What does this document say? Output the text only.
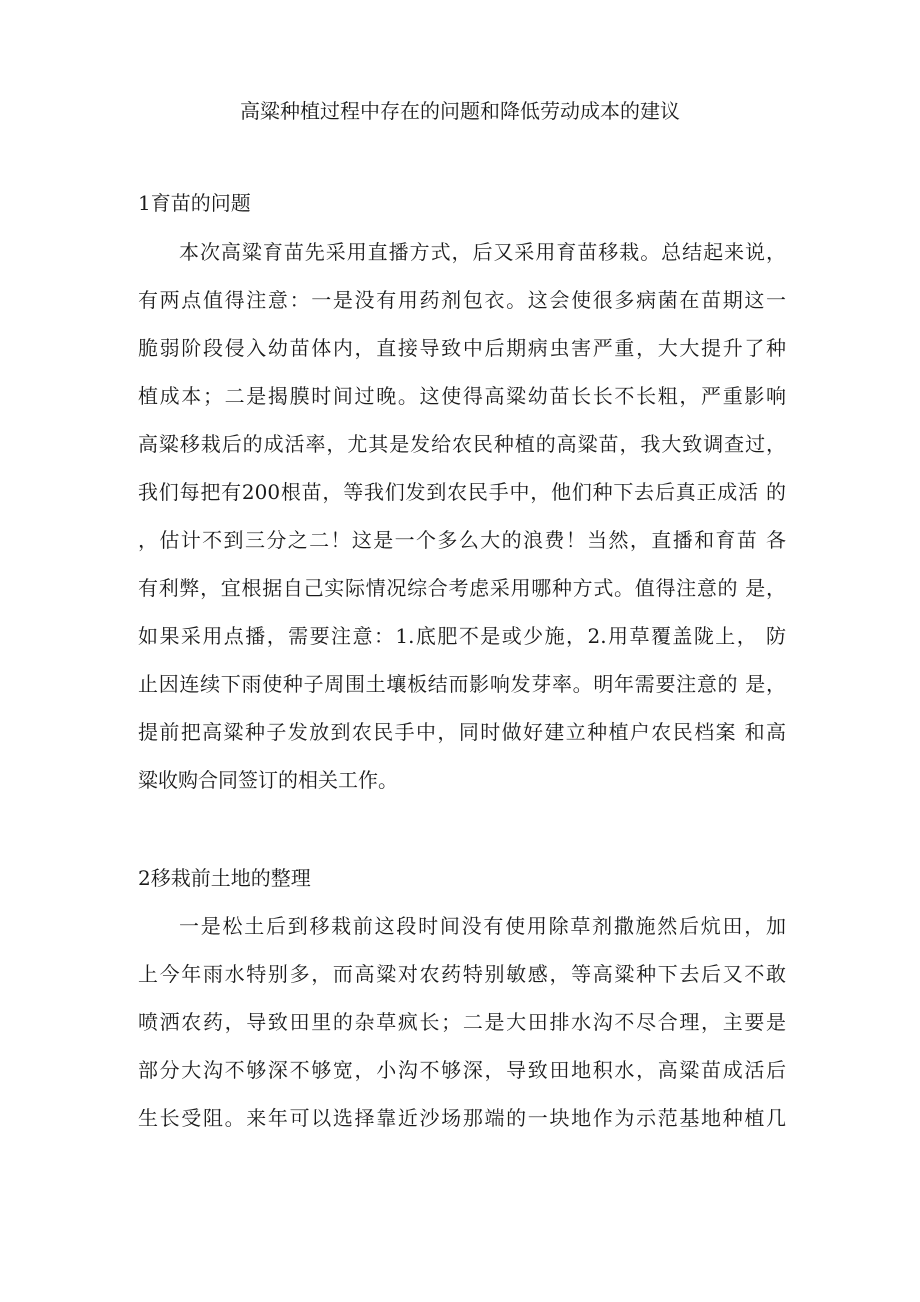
高粱种植过程中存在的问题和降低劳动成本的建议
1育苗的问题
本次高粱育苗先采用直播方式，后又采用育苗移栽。总结起来说，
有两点值得注意：一是没有用药剂包衣。这会使很多病菌在苗期这一
脆弱阶段侵入幼苗体内，直接导致中后期病虫害严重，大大提升了种
植成本；二是揭膜时间过晚。这使得高粱幼苗长长不长粗，严重影响
高粱移栽后的成活率，尤其是发给农民种植的高粱苗，我大致调查过，
我们每把有200根苗，等我们发到农民手中，他们种下去后真正成活 的
，估计不到三分之二！这是一个多么大的浪费！当然，直播和育苗 各
有利弊，宜根据自己实际情况综合考虑采用哪种方式。值得注意的 是，
如果采用点播，需要注意：1.底肥不是或少施，2.用草覆盖陇上， 防
止因连续下雨使种子周围土壤板结而影响发芽率。明年需要注意的 是，
提前把高粱种子发放到农民手中，同时做好建立种植户农民档案 和高
粱收购合同签订的相关工作。
2移栽前土地的整理
一是松土后到移栽前这段时间没有使用除草剂撒施然后炕田，加
上今年雨水特别多，而高粱对农药特别敏感，等高粱种下去后又不敢
喷洒农药，导致田里的杂草疯长；二是大田排水沟不尽合理，主要是
部分大沟不够深不够宽，小沟不够深，导致田地积水，高粱苗成活后
生长受阻。来年可以选择靠近沙场那端的一块地作为示范基地种植几
